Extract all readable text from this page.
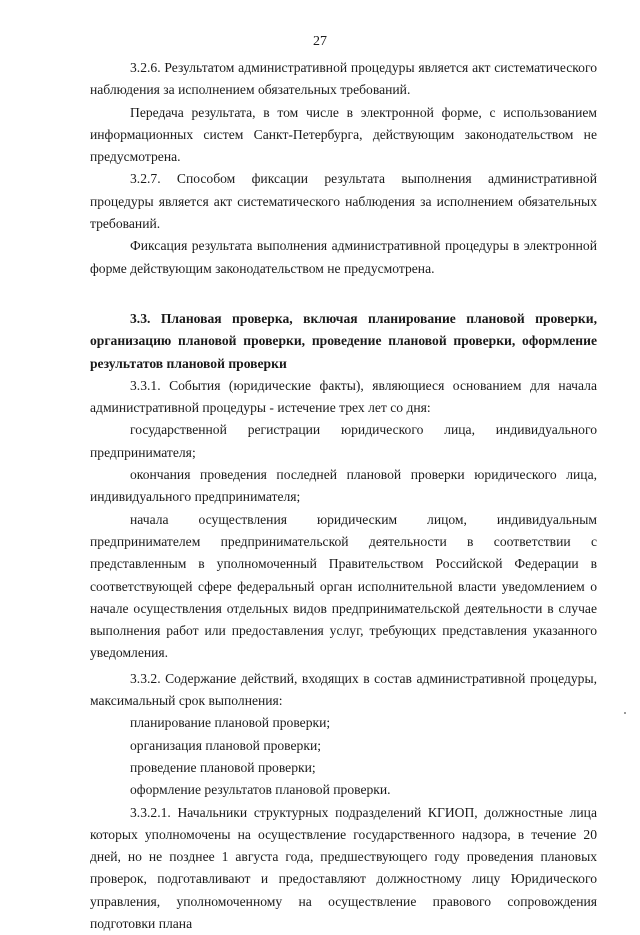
27

3.2.6. Результатом административной процедуры является акт систематического наблюдения за исполнением обязательных требований.

Передача результата, в том числе в электронной форме, с использованием информационных систем Санкт-Петербурга, действующим законодательством не предусмотрена.

3.2.7. Способом фиксации результата выполнения административной процедуры является акт систематического наблюдения за исполнением обязательных требований.

Фиксация результата выполнения административной процедуры в электронной форме действующим законодательством не предусмотрена.

3.3. Плановая проверка, включая планирование плановой проверки, организацию плановой проверки, проведение плановой проверки, оформление результатов плановой проверки

3.3.1. События (юридические факты), являющиеся основанием для начала административной процедуры - истечение трех лет со дня:

государственной регистрации юридического лица, индивидуального предпринимателя;

окончания проведения последней плановой проверки юридического лица, индивидуального предпринимателя;

начала осуществления юридическим лицом, индивидуальным предпринимателем предпринимательской деятельности в соответствии с представленным в уполномоченный Правительством Российской Федерации в соответствующей сфере федеральный орган исполнительной власти уведомлением о начале осуществления отдельных видов предпринимательской деятельности в случае выполнения работ или предоставления услуг, требующих представления указанного уведомления.

3.3.2. Содержание действий, входящих в состав административной процедуры, максимальный срок выполнения:

планирование плановой проверки;

организация плановой проверки;

проведение плановой проверки;

оформление результатов плановой проверки.

3.3.2.1. Начальники структурных подразделений КГИОП, должностные лица которых уполномочены на осуществление государственного надзора, в течение 20 дней, но не позднее 1 августа года, предшествующего году проведения плановых проверок, подготавливают и предоставляют должностному лицу Юридического управления, уполномоченному на осуществление правового сопровождения подготовки плана
